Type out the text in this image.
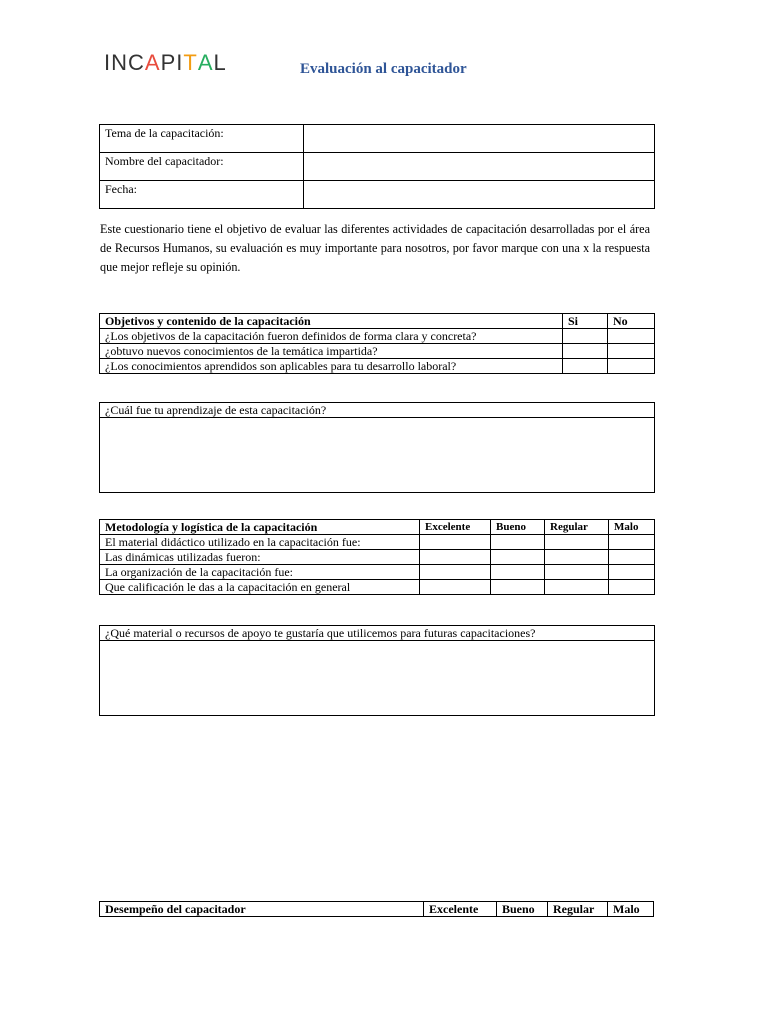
INCAPITAL	Evaluación al capacitador
Tema de la capacitación:	
Nombre del capacitador:	
Fecha:	

Este cuestionario tiene el objetivo de evaluar las diferentes actividades de capacitación desarrolladas por el área de Recursos Humanos, su evaluación es muy importante para nosotros, por favor marque con una x la respuesta que mejor refleje su opinión.

Objetivos y contenido de la capacitación	Si	No
¿Los objetivos de la capacitación fueron definidos de forma clara y concreta?		
¿obtuvo nuevos conocimientos de la temática impartida?		
¿Los conocimientos aprendidos son aplicables para tu desarrollo laboral?		
¿Cuál fue tu aprendizaje de esta capacitación?
Metodología y logística de la capacitación	Excelente	Bueno	Regular	Malo
El material didáctico utilizado en la capacitación fue:				
Las dinámicas utilizadas fueron:				
La organización de la capacitación fue:				
Que calificación le das a la capacitación en general				
¿Qué material o recursos de apoyo te gustaría que utilicemos para futuras capacitaciones?
Desempeño del capacitador	Excelente	Bueno	Regular	Malo
